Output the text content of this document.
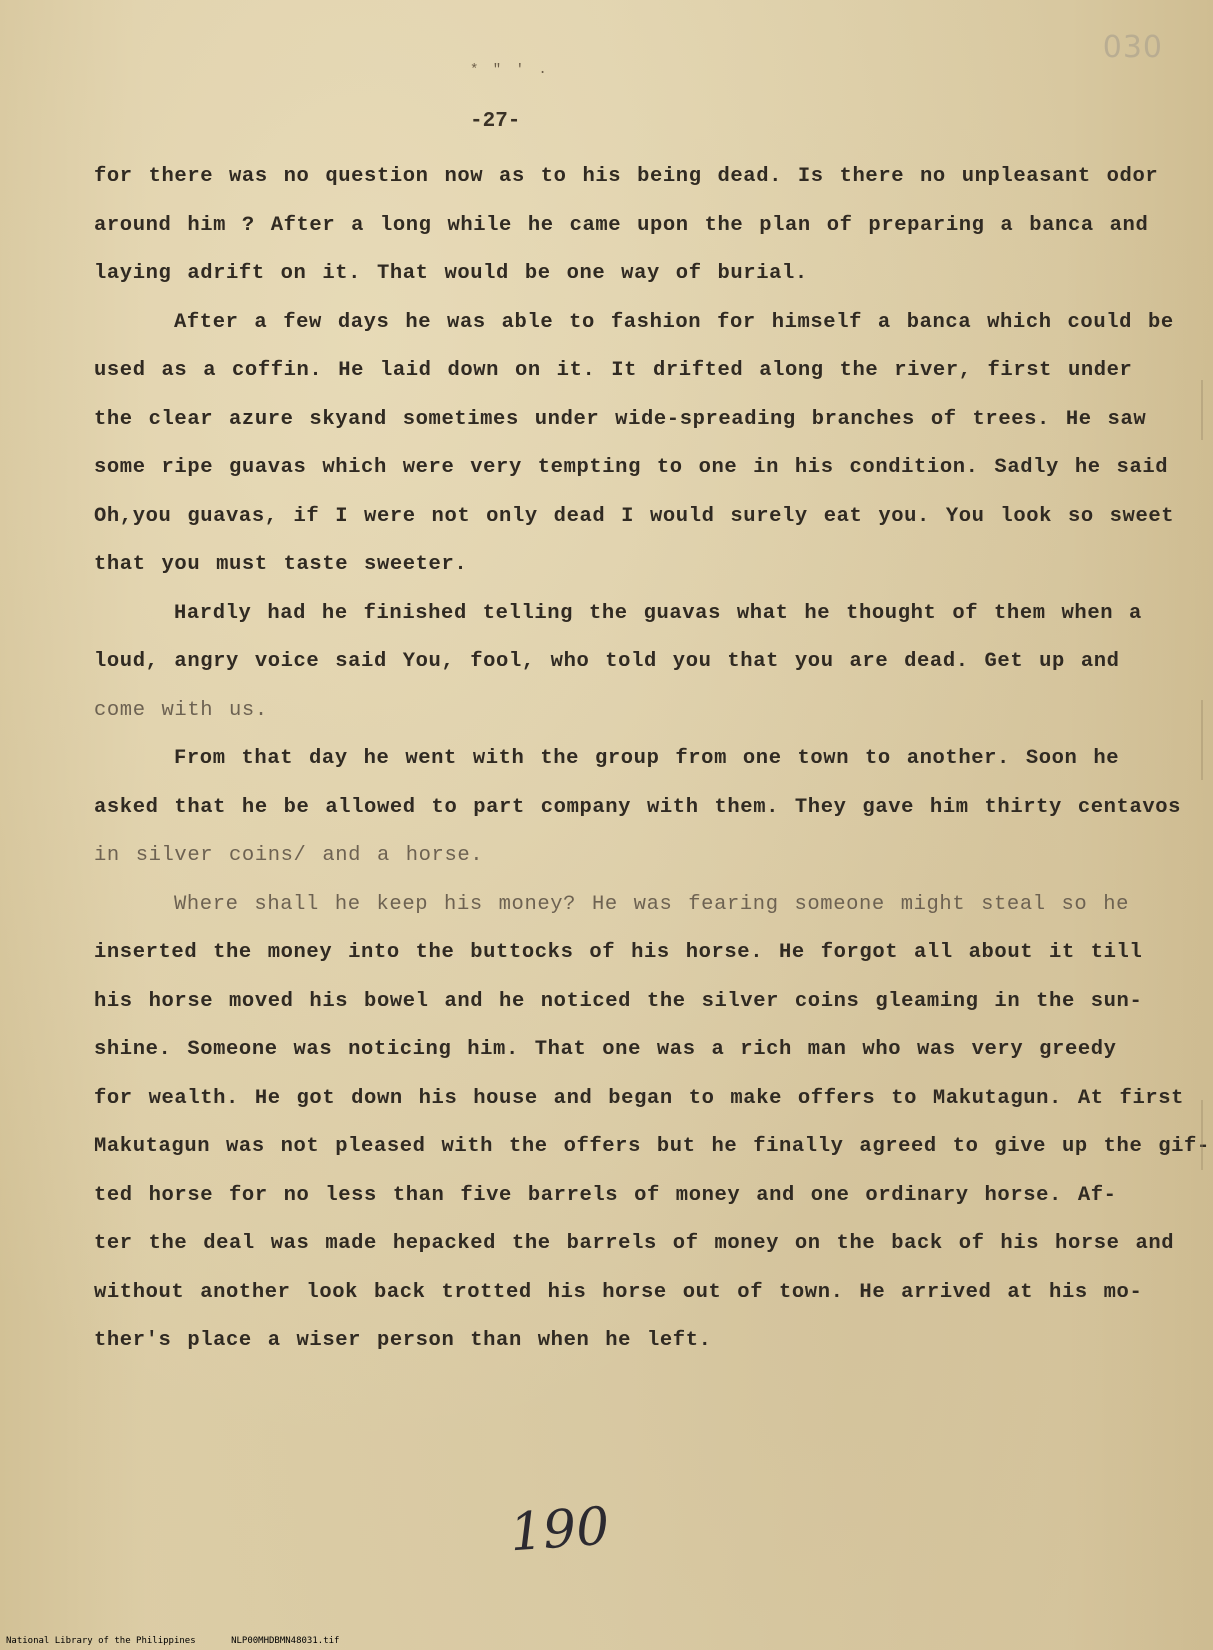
030
* " ' .
-27-
for there was no question now as to his being dead. Is there no unpleasant odor
around him ? After a long while he came upon the plan of preparing a banca and
laying adrift on it. That would be one way of burial.
After a few days he was able to fashion for himself a banca which could be
used as a coffin. He laid down on it. It drifted along the river, first under
the clear azure skyand sometimes under wide-spreading branches of trees. He saw
some ripe guavas which were very tempting to one in his condition. Sadly he said
Oh,you guavas, if I were not only dead I would surely eat you. You look so sweet
that you must taste sweeter.
Hardly had he finished telling the guavas what he thought of them when a
loud, angry voice said You, fool, who told you that you are dead. Get up and
come with us.
From that day he went with the group from one town to another. Soon he
asked that he be allowed to part company with them. They gave him thirty centavos
in silver coins/ and a horse.
Where shall he keep his money? He was fearing someone might steal so he
inserted the money into the buttocks of his horse. He forgot all about it till
his horse moved his bowel and he noticed the silver coins gleaming in the sun-
shine. Someone was noticing him. That one was a rich man who was very greedy
for wealth. He got down his house and began to make offers to Makutagun. At first
Makutagun was not pleased with the offers but he finally agreed to give up the gif-
ted horse for no less than five barrels of money and one ordinary horse. Af-
ter the deal was made hepacked the barrels of money on the back of his horse and
without another look back trotted his horse out of town. He arrived at his mo-
ther's place a wiser person than when he left.
190
National Library of the Philippines	NLP00MHDBMN48031.tif
